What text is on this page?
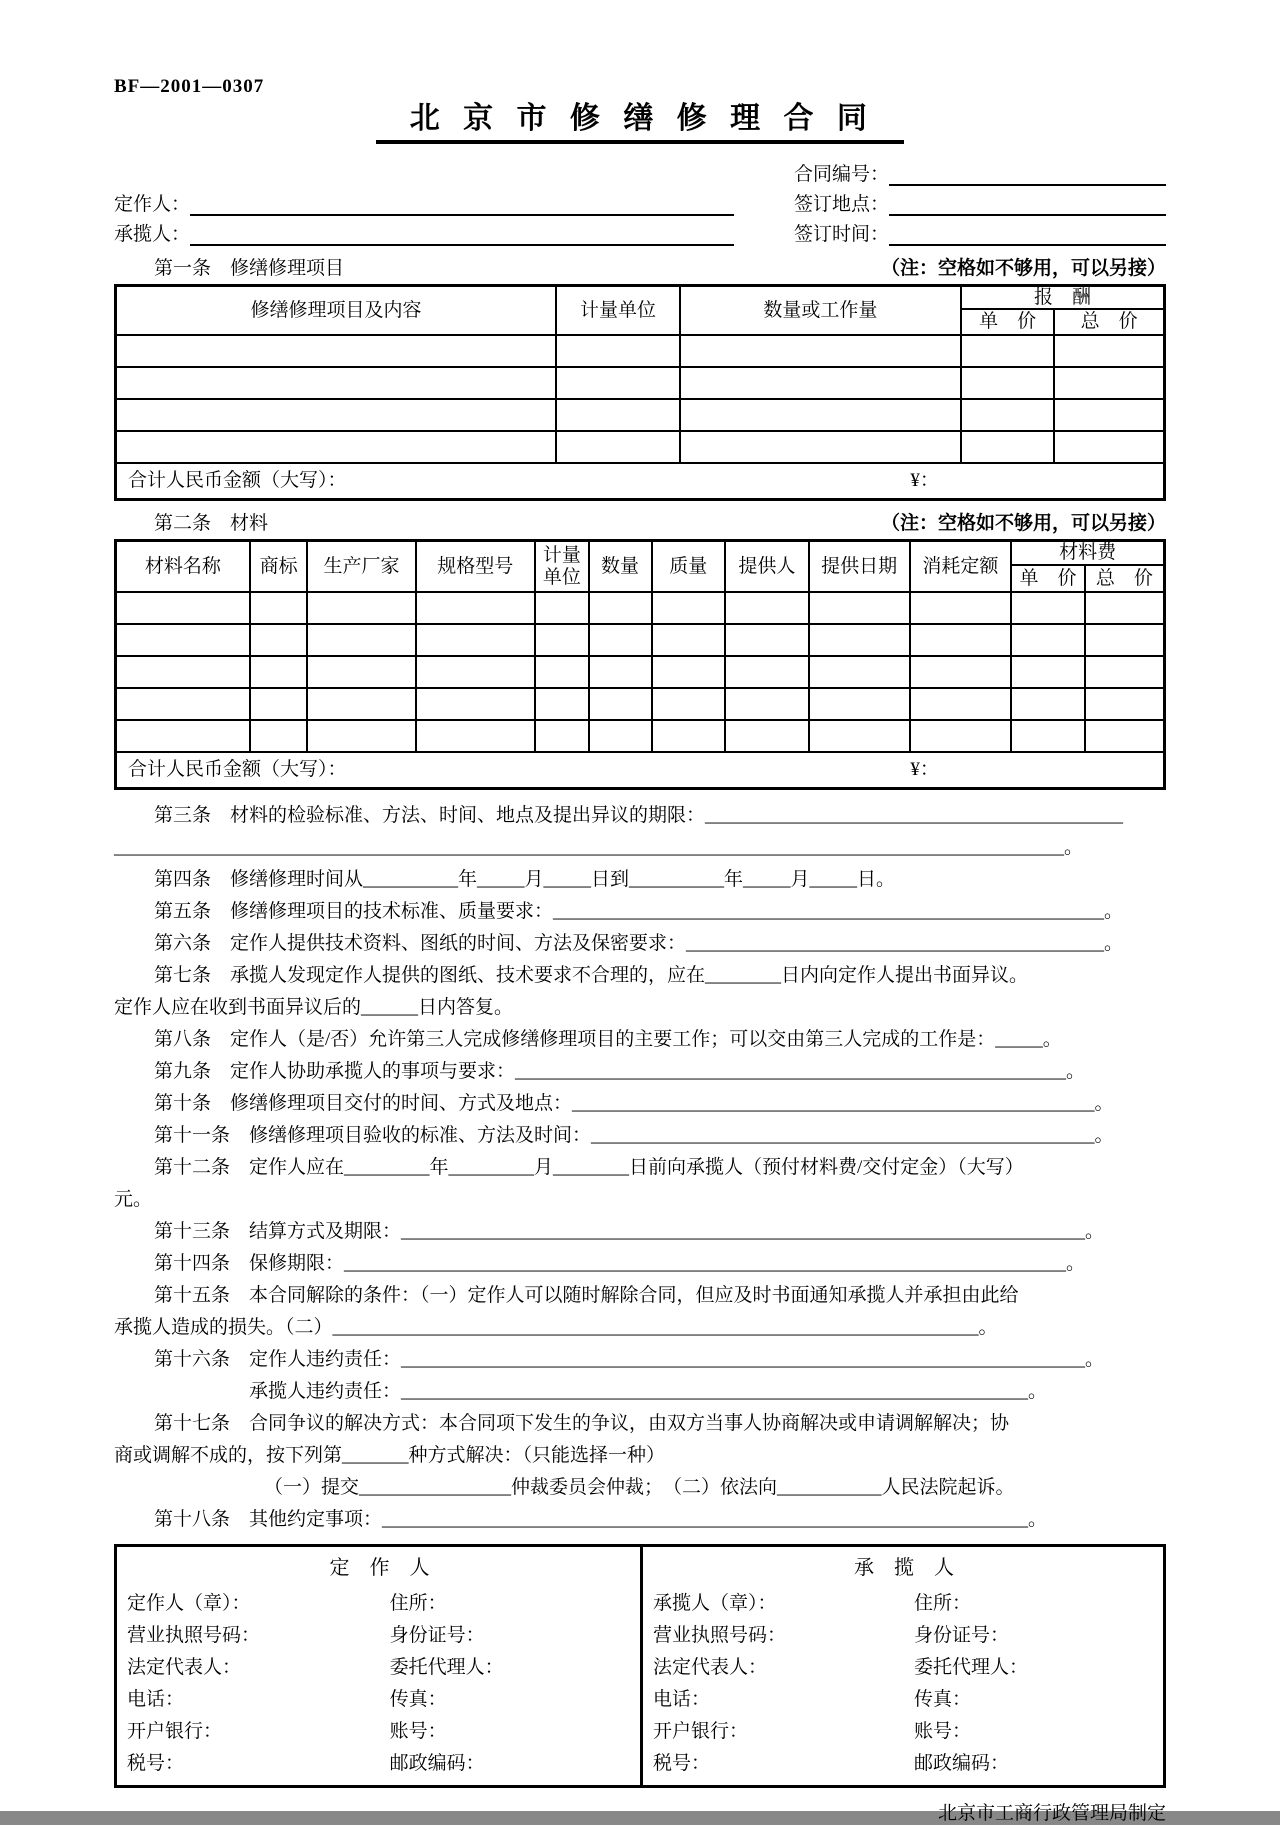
BF—2001—0307
北京市修缮修理合同
合同编号：
定作人：	签订地点：
承揽人：	签订时间：
第一条　修缮修理项目	（注：空格如不够用，可以另接）
修缮修理项目及内容	计量单位	数量或工作量	报　酬	
			单　价	总　价

合计人民币金额（大写）： ¥：				
第二条　材料	（注：空格如不够用，可以另接）
材料名称	商标	生产厂家	规格型号	计量单位	数量	质量	提供人	提供日期	消耗定额	材料费	
										单　价	总　价

合计人民币金额（大写）： ¥：											

第三条　材料的检验标准、方法、时间、地点及提出异议的期限：____________________________________________

____________________________________________________________________________________________________。

第四条　修缮修理时间从__________年_____月_____日到__________年_____月_____日。

第五条　修缮修理项目的技术标准、质量要求：__________________________________________________________。

第六条　定作人提供技术资料、图纸的时间、方法及保密要求：____________________________________________。

第七条　承揽人发现定作人提供的图纸、技术要求不合理的，应在________日内向定作人提出书面异议。

定作人应在收到书面异议后的______日内答复。

第八条　定作人（是/否）允许第三人完成修缮修理项目的主要工作；可以交由第三人完成的工作是：_____。

第九条　定作人协助承揽人的事项与要求：__________________________________________________________。

第十条　修缮修理项目交付的时间、方式及地点：_______________________________________________________。

第十一条　修缮修理项目验收的标准、方法及时间：_____________________________________________________。

第十二条　定作人应在_________年_________月________日前向承揽人（预付材料费/交付定金）（大写）

元。

第十三条　结算方式及期限：________________________________________________________________________。

第十四条　保修期限：____________________________________________________________________________。

第十五条　本合同解除的条件：（一）定作人可以随时解除合同，但应及时书面通知承揽人并承担由此给

承揽人造成的损失。（二）____________________________________________________________________。

第十六条　定作人违约责任：________________________________________________________________________。

承揽人违约责任：__________________________________________________________________。

第十七条　合同争议的解决方式：本合同项下发生的争议，由双方当事人协商解决或申请调解解决；协

商或调解不成的，按下列第_______种方式解决：（只能选择一种）

（一）提交________________仲裁委员会仲裁；　（二）依法向___________人民法院起诉。

第十八条　其他约定事项：____________________________________________________________________。

定　作　人
定作人（章）：	住所：
营业执照号码：	身份证号：
法定代表人：	委托代理人：
电话：	传真：
开户银行：	账号：
税号：	邮政编码：
承　揽　人
承揽人（章）：	住所：
营业执照号码：	身份证号：
法定代表人：	委托代理人：
电话：	传真：
开户银行：	账号：
税号：	邮政编码：
北京市工商行政管理局制定
